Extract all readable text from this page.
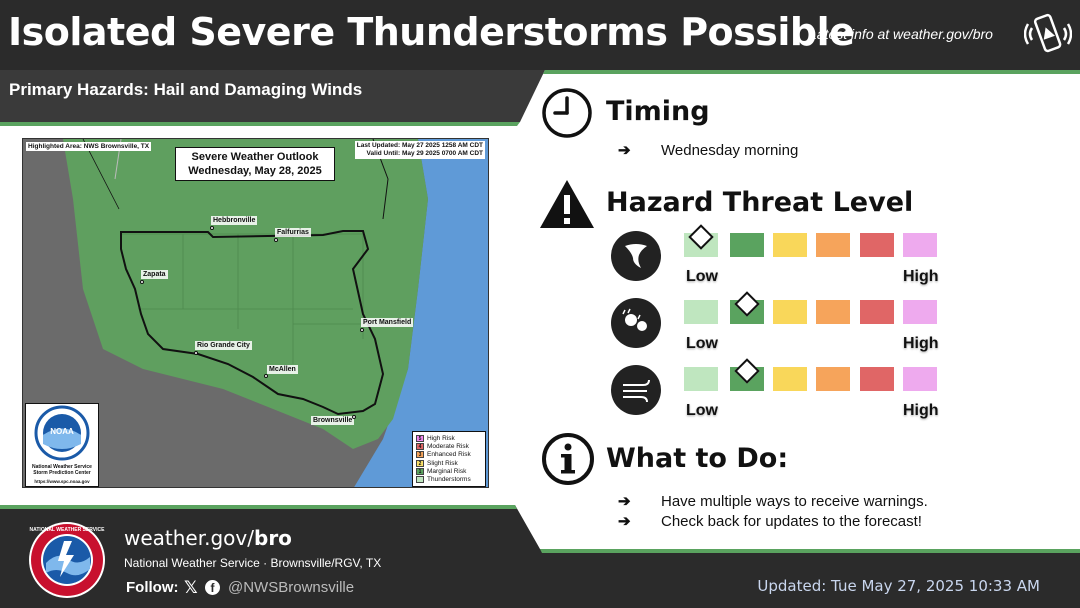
Isolated Severe Thunderstorms Possible
Latest info at weather.gov/bro
Primary Hazards: Hail and Damaging Winds
Highlighted Area: NWS Brownsville, TX	Last Updated: May 27 2025 1258 AM CDT
Valid Until: May 29 2025 0700 AM CDT
Severe Weather Outlook
Wednesday, May 28, 2025
Hebbronville
Falfurrias
Zapata
Port Mansfield
Rio Grande City
McAllen
Brownsville
NOAA
National Weather Service
Storm Prediction Center
https://www.spc.noaa.gov
5 High Risk
4 Moderate Risk
3 Enhanced Risk
2 Slight Risk
1 Marginal Risk
Thunderstorms
Timing
➔ Wednesday morning
Hazard Threat Level
Low	High
Low	High
Low	High
What to Do:
➔ Have multiple ways to receive warnings.
➔ Check back for updates to the forecast!
NATIONAL WEATHER SERVICE weather.gov/bro
National Weather Service · Brownsville/RGV, TX
Follow: 𝕏	f @NWSBrownsville	Updated: Tue May 27, 2025 10:33 AM
